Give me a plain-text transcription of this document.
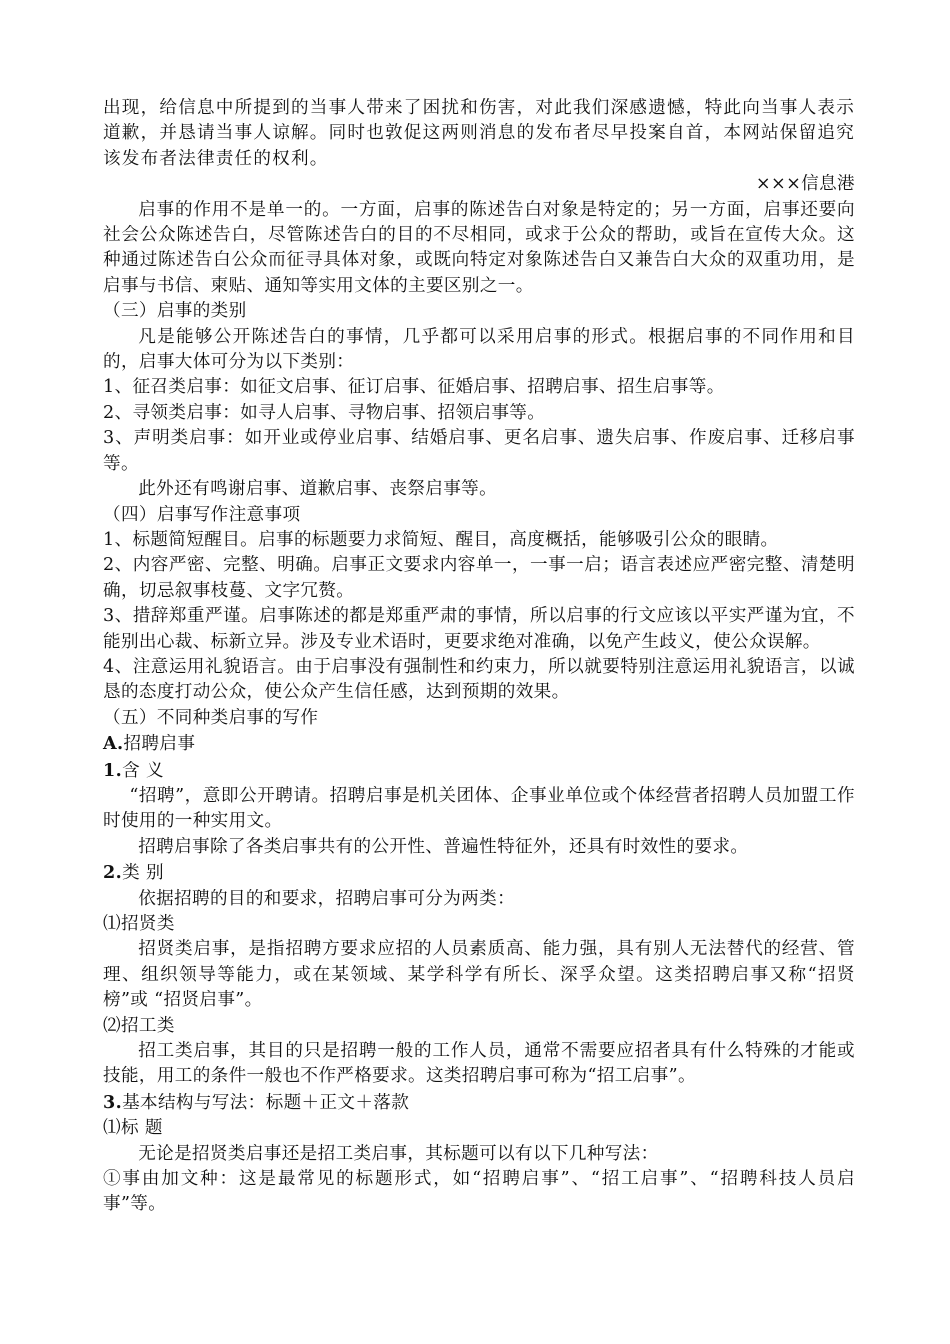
出现，给信息中所提到的当事人带来了困扰和伤害，对此我们深感遗憾，特此向当事人表示道歉，并恳请当事人谅解。同时也敦促这两则消息的发布者尽早投案自首，本网站保留追究该发布者法律责任的权利。

×××信息港

启事的作用不是单一的。一方面，启事的陈述告白对象是特定的；另一方面，启事还要向社会公众陈述告白，尽管陈述告白的目的不尽相同，或求于公众的帮助，或旨在宣传大众。这种通过陈述告白公众而征寻具体对象，或既向特定对象陈述告白又兼告白大众的双重功用，是启事与书信、柬贴、通知等实用文体的主要区别之一。

（三）启事的类别

凡是能够公开陈述告白的事情，几乎都可以采用启事的形式。根据启事的不同作用和目的，启事大体可分为以下类别：

1、征召类启事：如征文启事、征订启事、征婚启事、招聘启事、招生启事等。

2、寻领类启事：如寻人启事、寻物启事、招领启事等。

3、声明类启事：如开业或停业启事、结婚启事、更名启事、遗失启事、作废启事、迁移启事等。

此外还有鸣谢启事、道歉启事、丧祭启事等。

（四）启事写作注意事项

1、标题简短醒目。启事的标题要力求简短、醒目，高度概括，能够吸引公众的眼睛。

2、内容严密、完整、明确。启事正文要求内容单一，一事一启；语言表述应严密完整、清楚明确，切忌叙事枝蔓、文字冗赘。

3、措辞郑重严谨。启事陈述的都是郑重严肃的事情，所以启事的行文应该以平实严谨为宜，不能别出心裁、标新立异。涉及专业术语时，更要求绝对准确，以免产生歧义，使公众误解。

4、注意运用礼貌语言。由于启事没有强制性和约束力，所以就要特别注意运用礼貌语言，以诚恳的态度打动公众，使公众产生信任感，达到预期的效果。

（五）不同种类启事的写作

A.招聘启事

1.含 义

“招聘”，意即公开聘请。招聘启事是机关团体、企事业单位或个体经营者招聘人员加盟工作时使用的一种实用文。

招聘启事除了各类启事共有的公开性、普遍性特征外，还具有时效性的要求。

2.类 别

依据招聘的目的和要求，招聘启事可分为两类：

⑴招贤类

招贤类启事，是指招聘方要求应招的人员素质高、能力强，具有别人无法替代的经营、管理、组织领导等能力，或在某领域、某学科学有所长、深孚众望。这类招聘启事又称“招贤榜”或 “招贤启事”。

⑵招工类

招工类启事，其目的只是招聘一般的工作人员，通常不需要应招者具有什么特殊的才能或技能，用工的条件一般也不作严格要求。这类招聘启事可称为“招工启事”。

3.基本结构与写法：标题＋正文＋落款

⑴标 题

无论是招贤类启事还是招工类启事，其标题可以有以下几种写法：

①事由加文种：这是最常见的标题形式，如“招聘启事”、“招工启事”、“招聘科技人员启事”等。
